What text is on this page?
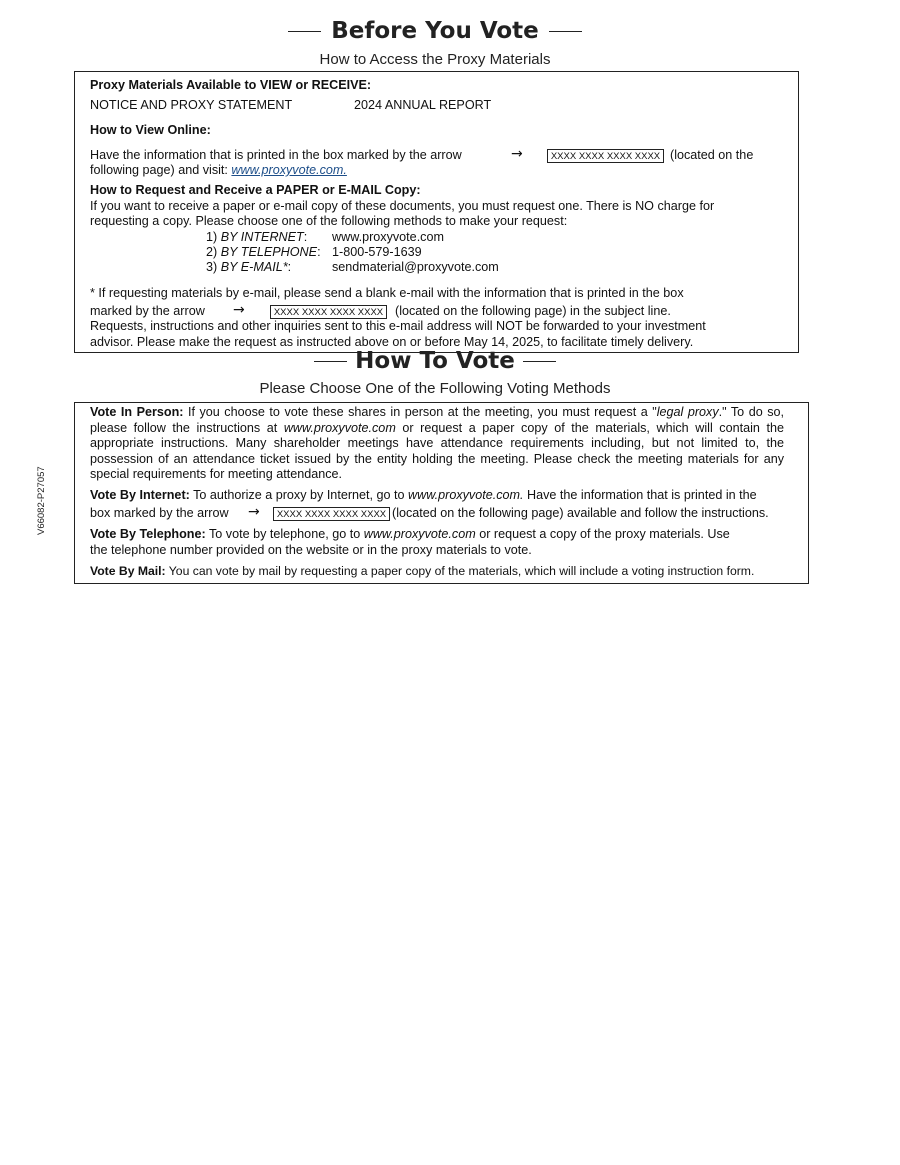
Before You Vote
How to Access the Proxy Materials
Proxy Materials Available to VIEW or RECEIVE:
NOTICE AND PROXY STATEMENT	2024 ANNUAL REPORT
How to View Online:
Have the information that is printed in the box marked by the arrow	→	XXXX XXXX XXXX XXXX (located on the
following page) and visit: www.proxyvote.com.
How to Request and Receive a PAPER or E-MAIL Copy:
If you want to receive a paper or e-mail copy of these documents, you must request one. There is NO charge for
requesting a copy. Please choose one of the following methods to make your request:
1) BY INTERNET: www.proxyvote.com
2) BY TELEPHONE: 1-800-579-1639
3) BY E-MAIL*:	sendmaterial@proxyvote.com
* If requesting materials by e-mail, please send a blank e-mail with the information that is printed in the box
marked by the arrow →	XXXX XXXX XXXX XXXX (located on the following page) in the subject line.
Requests, instructions and other inquiries sent to this e-mail address will NOT be forwarded to your investment
advisor. Please make the request as instructed above on or before May 14, 2025, to facilitate timely delivery.
How To Vote
Please Choose One of the Following Voting Methods
Vote In Person: If you choose to vote these shares in person at the meeting, you must request a "legal proxy." To do so, please follow the instructions at www.proxyvote.com or request a paper copy of the materials, which will contain the appropriate instructions. Many shareholder meetings have attendance requirements including, but not limited to, the possession of an attendance ticket issued by the entity holding the meeting. Please check the meeting materials for any special requirements for meeting attendance.
Vote By Internet: To authorize a proxy by Internet, go to www.proxyvote.com. Have the information that is printed in the
box marked by the arrow →	XXXX XXXX XXXX XXXX (located on the following page) available and follow the instructions.
Vote By Telephone: To vote by telephone, go to www.proxyvote.com or request a copy of the proxy materials. Use
the telephone number provided on the website or in the proxy materials to vote.
Vote By Mail: You can vote by mail by requesting a paper copy of the materials, which will include a voting instruction form.
V66082-P27057
